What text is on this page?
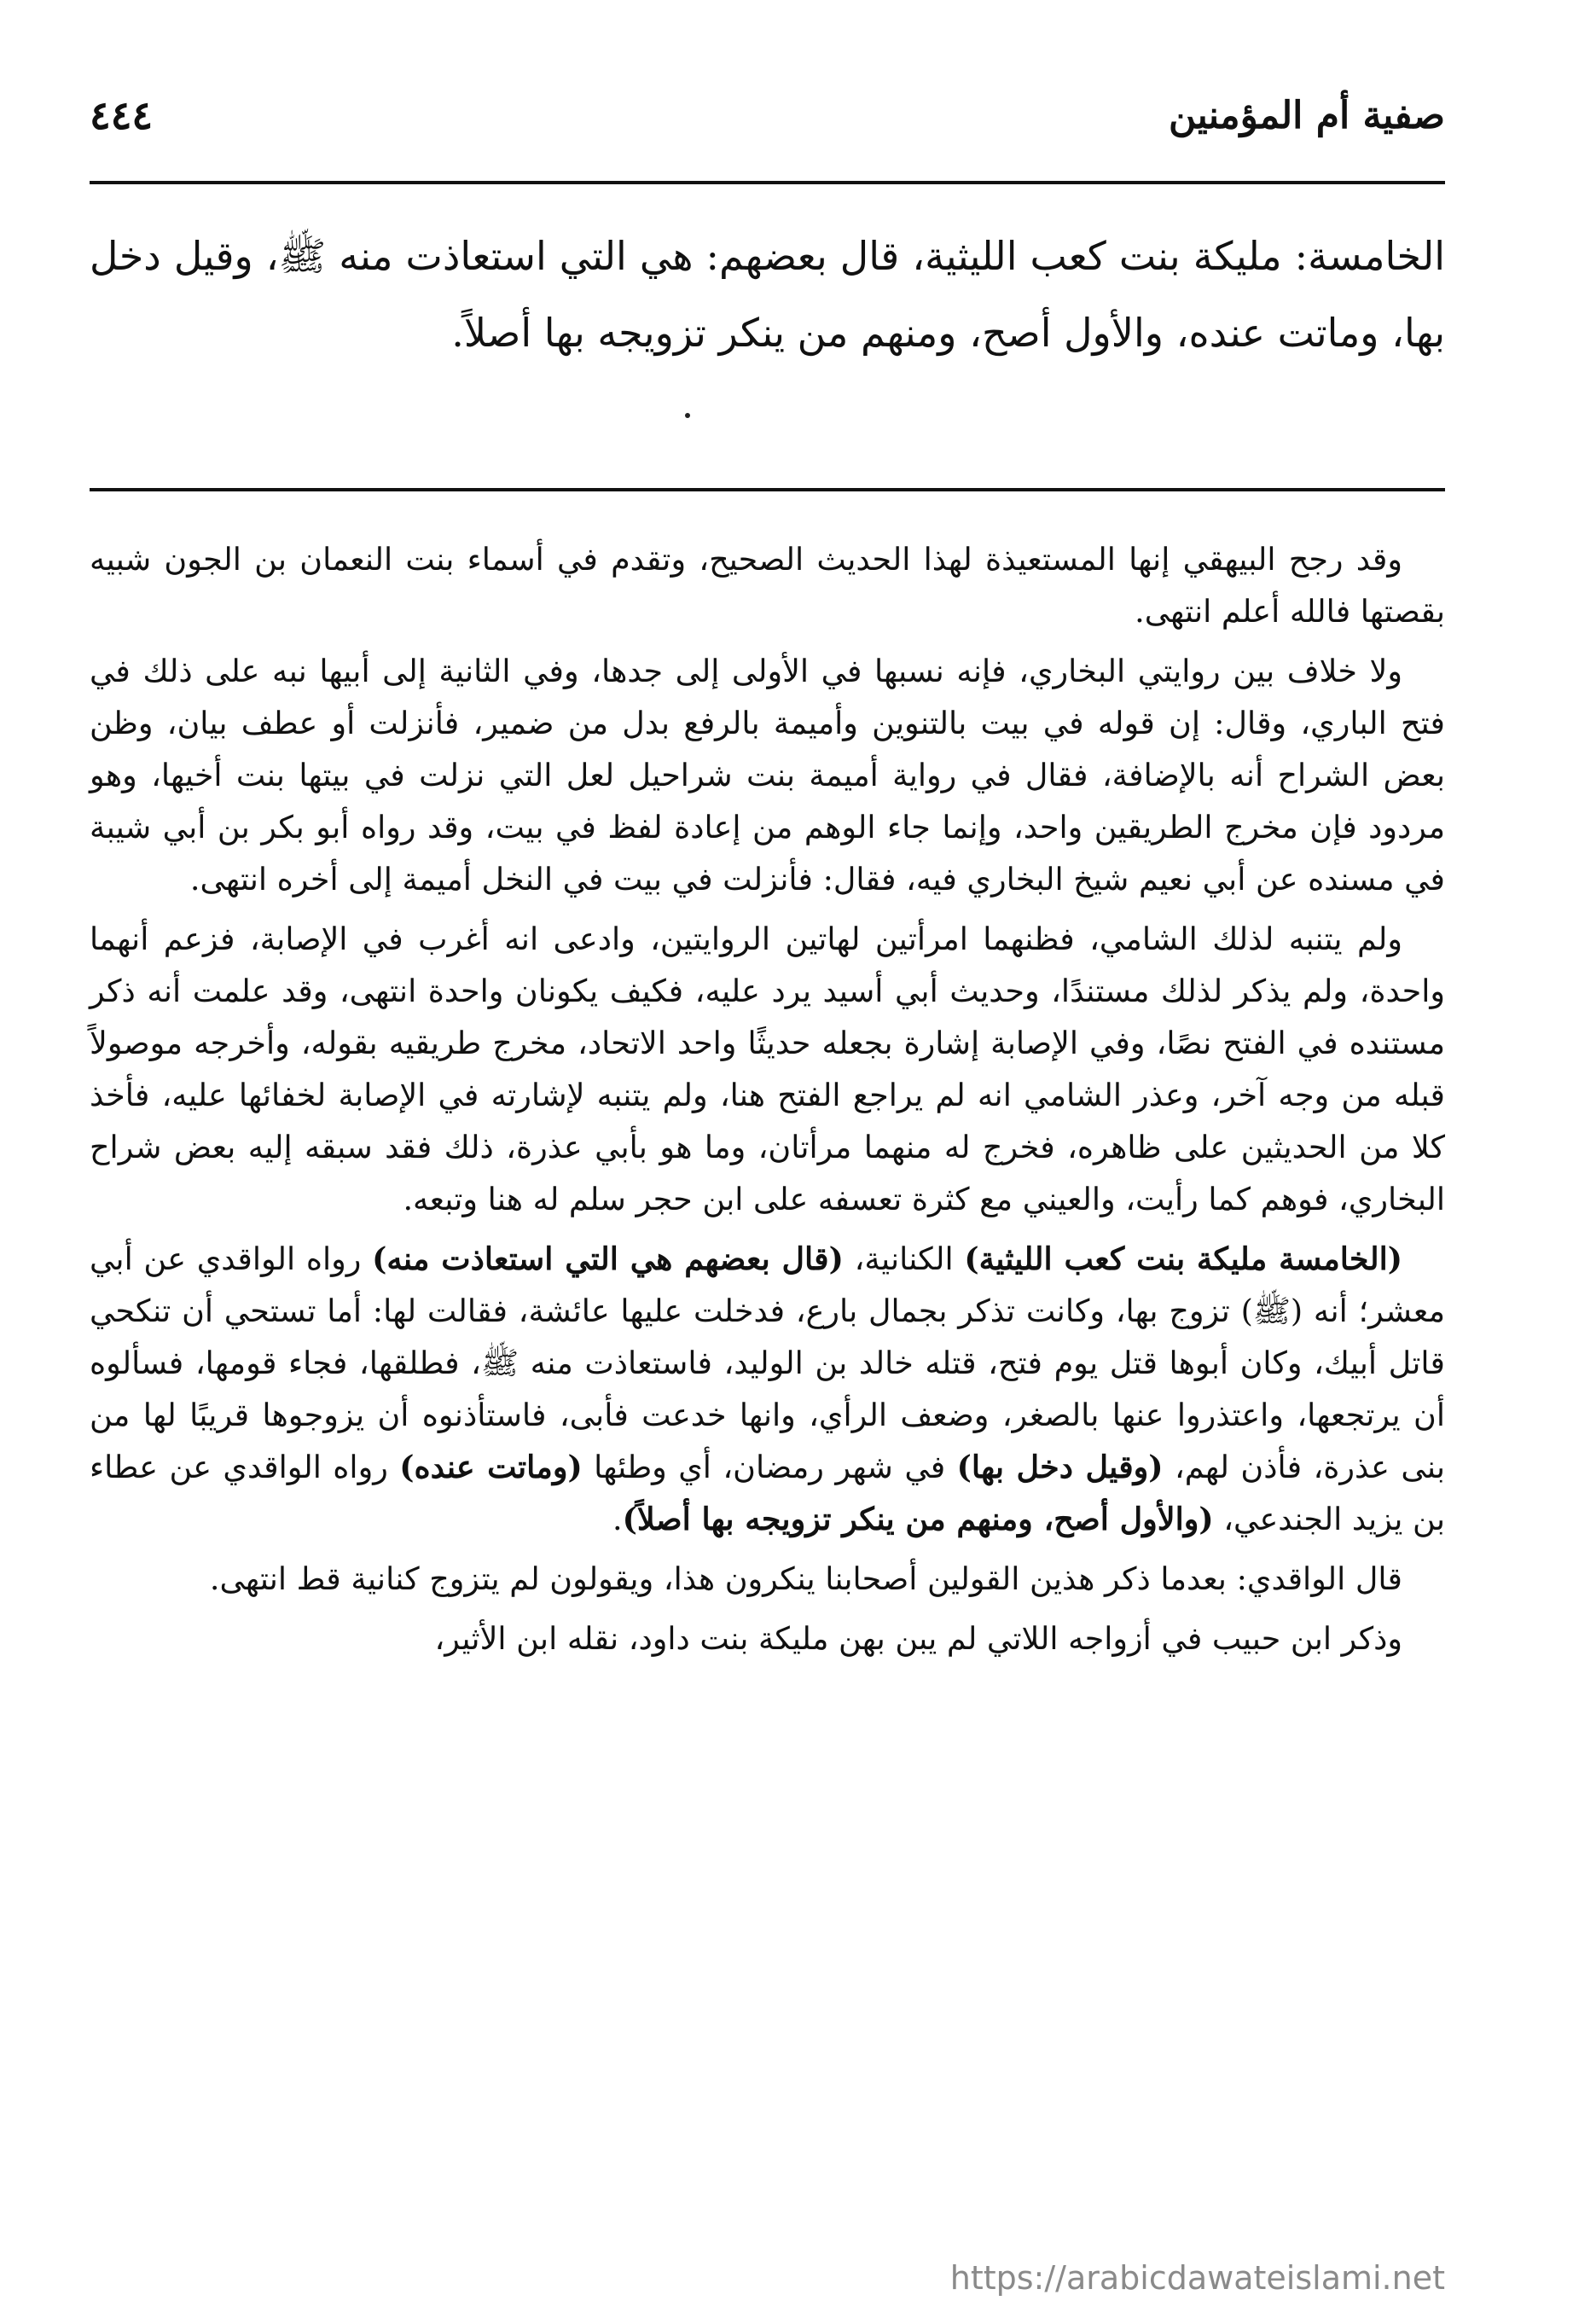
٤٤٤	صفية أم المؤمنين
الخامسة: مليكة بنت كعب الليثية، قال بعضهم: هي التي استعاذت منه ﷺ، وقيل دخل بها، وماتت عنده، والأول أصح، ومنهم من ينكر تزويجه بها أصلاً.

وقد رجح البيهقي إنها المستعيذة لهذا الحديث الصحيح، وتقدم في أسماء بنت النعمان بن الجون شبيه بقصتها فالله أعلم انتهى.

ولا خلاف بين روايتي البخاري، فإنه نسبها في الأولى إلى جدها، وفي الثانية إلى أبيها نبه على ذلك في فتح الباري، وقال: إن قوله في بيت بالتنوين وأميمة بالرفع بدل من ضمير، فأنزلت أو عطف بيان، وظن بعض الشراح أنه بالإضافة، فقال في رواية أميمة بنت شراحيل لعل التي نزلت في بيتها بنت أخيها، وهو مردود فإن مخرج الطريقين واحد، وإنما جاء الوهم من إعادة لفظ في بيت، وقد رواه أبو بكر بن أبي شيبة في مسنده عن أبي نعيم شيخ البخاري فيه، فقال: فأنزلت في بيت في النخل أميمة إلى أخره انتهى.

ولم يتنبه لذلك الشامي، فظنهما امرأتين لهاتين الروايتين، وادعى انه أغرب في الإصابة، فزعم أنهما واحدة، ولم يذكر لذلك مستندًا، وحديث أبي أسيد يرد عليه، فكيف يكونان واحدة انتهى، وقد علمت أنه ذكر مستنده في الفتح نصًا، وفي الإصابة إشارة بجعله حديثًا واحد الاتحاد، مخرج طريقيه بقوله، وأخرجه موصولاً قبله من وجه آخر، وعذر الشامي انه لم يراجع الفتح هنا، ولم يتنبه لإشارته في الإصابة لخفائها عليه، فأخذ كلا من الحديثين على ظاهره، فخرج له منهما مرأتان، وما هو بأبي عذرة، ذلك فقد سبقه إليه بعض شراح البخاري، فوهم كما رأيت، والعيني مع كثرة تعسفه على ابن حجر سلم له هنا وتبعه.

(الخامسة مليكة بنت كعب الليثية) الكنانية، (قال بعضهم هي التي استعاذت منه) رواه الواقدي عن أبي معشر؛ أنه (ﷺ) تزوج بها، وكانت تذكر بجمال بارع، فدخلت عليها عائشة، فقالت لها: أما تستحي أن تنكحي قاتل أبيك، وكان أبوها قتل يوم فتح، قتله خالد بن الوليد، فاستعاذت منه ﷺ، فطلقها، فجاء قومها، فسألوه أن يرتجعها، واعتذروا عنها بالصغر، وضعف الرأي، وانها خدعت فأبى، فاستأذنوه أن يزوجوها قريبًا لها من بنى عذرة، فأذن لهم، (وقيل دخل بها) في شهر رمضان، أي وطئها (وماتت عنده) رواه الواقدي عن عطاء بن يزيد الجندعي، (والأول أصح، ومنهم من ينكر تزويجه بها أصلاً).

قال الواقدي: بعدما ذكر هذين القولين أصحابنا ينكرون هذا، ويقولون لم يتزوج كنانية قط انتهى.

وذكر ابن حبيب في أزواجه اللاتي لم يبن بهن مليكة بنت داود، نقله ابن الأثير،

https://arabicdawateislami.net
